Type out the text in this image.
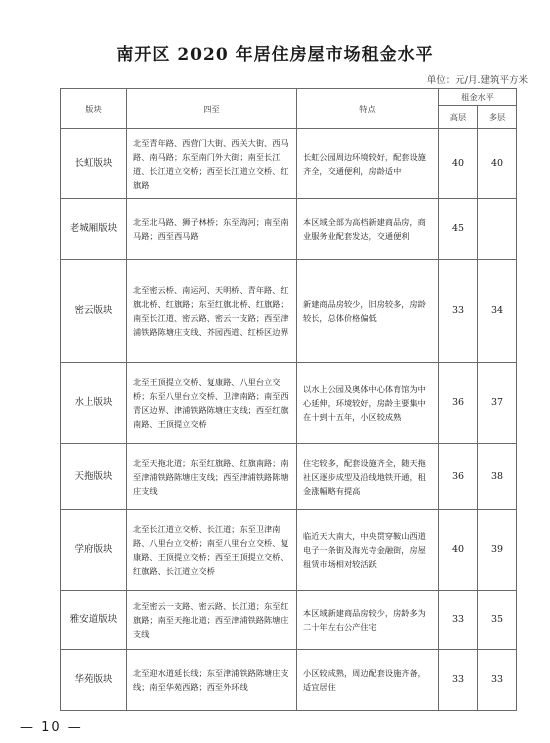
南开区 2020 年居住房屋市场租金水平
单位：元/月.建筑平方米
版块	四至	特点	租金水平	
			高层	多层
长虹版块	北至青年路、西营门大街、西关大街、西马路、南马路；东至南门外大街；南至长江道、长江道立交桥；西至长江道立交桥、红旗路	长虹公园周边环境较好，配套设施齐全，交通便利，房龄适中	40	40
老城厢版块	北至北马路、狮子林桥；东至海河；南至南马路；西至西马路	本区域全部为高档新建商品房，商业服务业配套发达，交通便利	45	
密云版块	北至密云桥、南运河、天明桥、青年路、红旗北桥、红旗路；东至红旗北桥、红旗路；南至长江道、密云路、密云一支路；西至津浦铁路陈塘庄支线、芥园西道、红桥区边界	新建商品房较少，旧房较多，房龄较长，总体价格偏低	33	34
水上版块	北至王顶提立交桥、复康路、八里台立交桥；东至八里台立交桥、卫津南路；南至西青区边界、津浦铁路陈塘庄支线；西至红旗南路、王顶提立交桥	以水上公园及奥体中心体育馆为中心延伸，环境较好，房龄主要集中在十到十五年，小区较成熟	36	37
天拖版块	北至天拖北道；东至红旗路、红旗南路；南至津浦铁路陈塘庄支线；西至津浦铁路陈塘庄支线	住宅较多，配套设施齐全，随天拖社区逐步成型及沿线地铁开通，租金涨幅略有提高	36	38
学府版块	北至长江道立交桥、长江道；东至卫津南路、八里台立交桥；南至八里台立交桥、复康路、王顶提立交桥；西至王顶提立交桥、红旗路、长江道立交桥	临近天大南大，中央贯穿鞍山西道电子一条街及海光寺金融街，房屋租赁市场相对较活跃	40	39
雅安道版块	北至密云一支路、密云路、长江道；东至红旗路；南至天拖北道；西至津浦铁路陈塘庄支线	本区域新建商品房较少，房龄多为二十年左右公产住宅	33	35
华苑版块	北至迎水道延长线；东至津浦铁路陈塘庄支线；南至华苑西路；西至外环线	小区较成熟，周边配套设施齐备，适宜居住	33	33
— 10 —
